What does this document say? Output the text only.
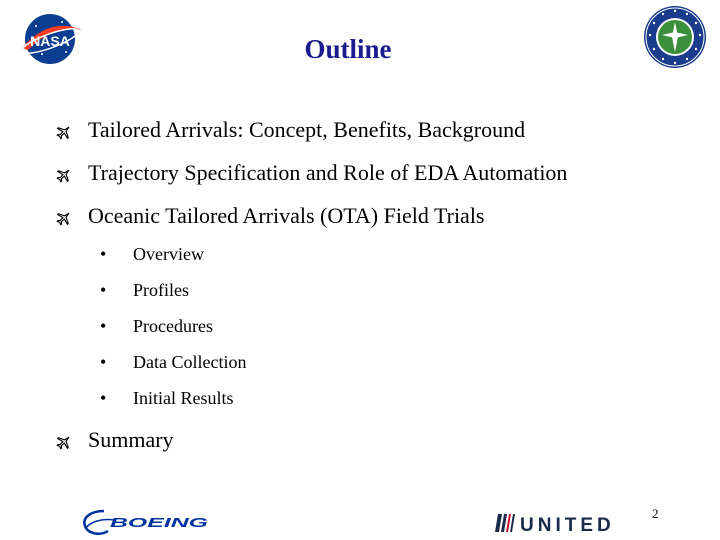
NASA	Outline
Tailored Arrivals: Concept, Benefits, Background
Trajectory Specification and Role of EDA Automation
Oceanic Tailored Arrivals (OTA) Field Trials
Summary
• Overview
• Profiles
• Procedures
• Data Collection
• Initial Results
BOEING	UNITED
2
